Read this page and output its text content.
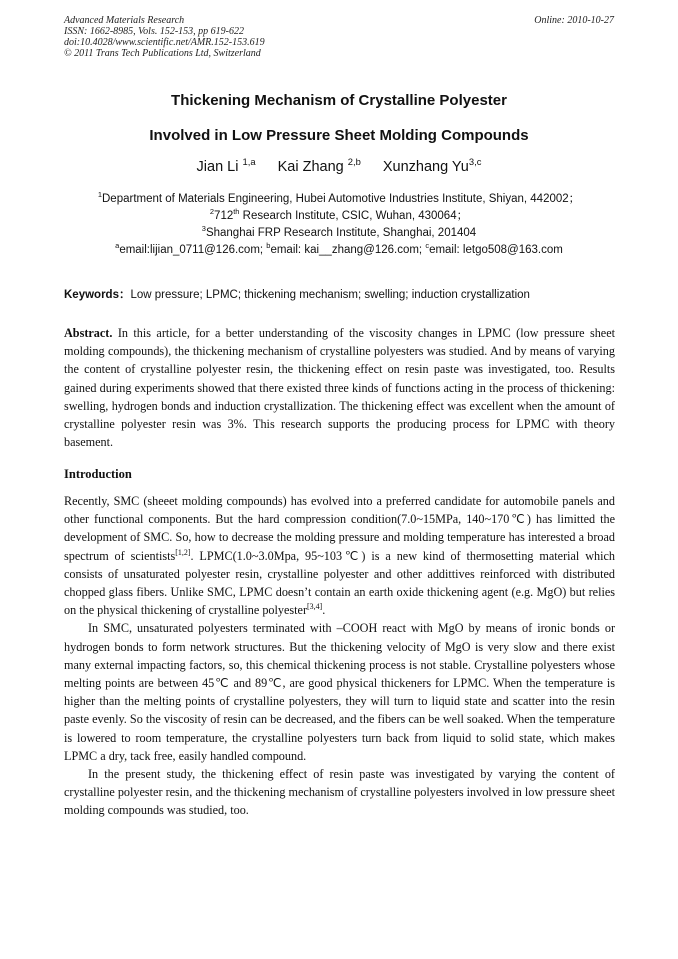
Advanced Materials Research
ISSN: 1662-8985, Vols. 152-153, pp 619-622
doi:10.4028/www.scientific.net/AMR.152-153.619
© 2011 Trans Tech Publications Ltd, Switzerland
Online: 2010-10-27
Thickening Mechanism of Crystalline Polyester
Involved in Low Pressure Sheet Molding Compounds
Jian Li $^{1,a}$ Kai Zhang $^{2,b}$ Xunzhang Yu$^{3,c}$
$^1$Department of Materials Engineering, Hubei Automotive Industries Institute, Shiyan, 442002；
$^2$712th Research Institute, CSIC, Wuhan, 430064；
$^3$Shanghai FRP Research Institute, Shanghai, 201404
$^a$email:lijian_0711@126.com; $^b$email: kai__zhang@126.com; $^c$email: letgo508@163.com
Keywords：Low pressure; LPMC; thickening mechanism; swelling; induction crystallization
Abstract. In this article, for a better understanding of the viscosity changes in LPMC (low pressure sheet molding compounds), the thickening mechanism of crystalline polyesters was studied. And by means of varying the content of crystalline polyester resin, the thickening effect on resin paste was investigated, too. Results gained during experiments showed that there existed three kinds of functions acting in the process of thickening: swelling, hydrogen bonds and induction crystallization. The thickening effect was excellent when the amount of crystalline polyester resin was 3%. This research supports the producing process for LPMC with theory basement.
Introduction

Recently, SMC (sheeet molding compounds) has evolved into a preferred candidate for automobile panels and other functional components. But the hard compression condition(7.0~15MPa, 140~170℃) has limitted the development of SMC. So, how to decrease the molding pressure and molding temperature has interested a broad spectrum of scientists[1,2]. LPMC(1.0~3.0Mpa, 95~103℃) is a new kind of thermosetting material which consists of unsaturated polyester resin, crystalline polyester and other addittives reinforced with distributed chopped glass fibers. Unlike SMC, LPMC doesn’t contain an earth oxide thickening agent (e.g. MgO) but relies on the physical thickening of crystalline polyester[3,4].

In SMC, unsaturated polyesters terminated with –COOH react with MgO by means of ironic bonds or hydrogen bonds to form network structures. But the thickening velocity of MgO is very slow and there exist many external impacting factors, so, this chemical thickening process is not stable. Crystalline polyesters whose melting points are between 45℃ and 89℃, are good physical thickeners for LPMC. When the temperature is higher than the melting points of crystalline polyesters, they will turn to liquid state and scatter into the resin paste evenly. So the viscosity of resin can be decreased, and the fibers can be well soaked. When the temperature is lowered to room temperature, the crystalline polyesters turn back from liquid to solid state, which makes LPMC a dry, tack free, easily handled compound.

In the present study, the thickening effect of resin paste was investigated by varying the content of crystalline polyester resin, and the thickening mechanism of crystalline polyesters involved in low pressure sheet molding compounds was studied, too.
